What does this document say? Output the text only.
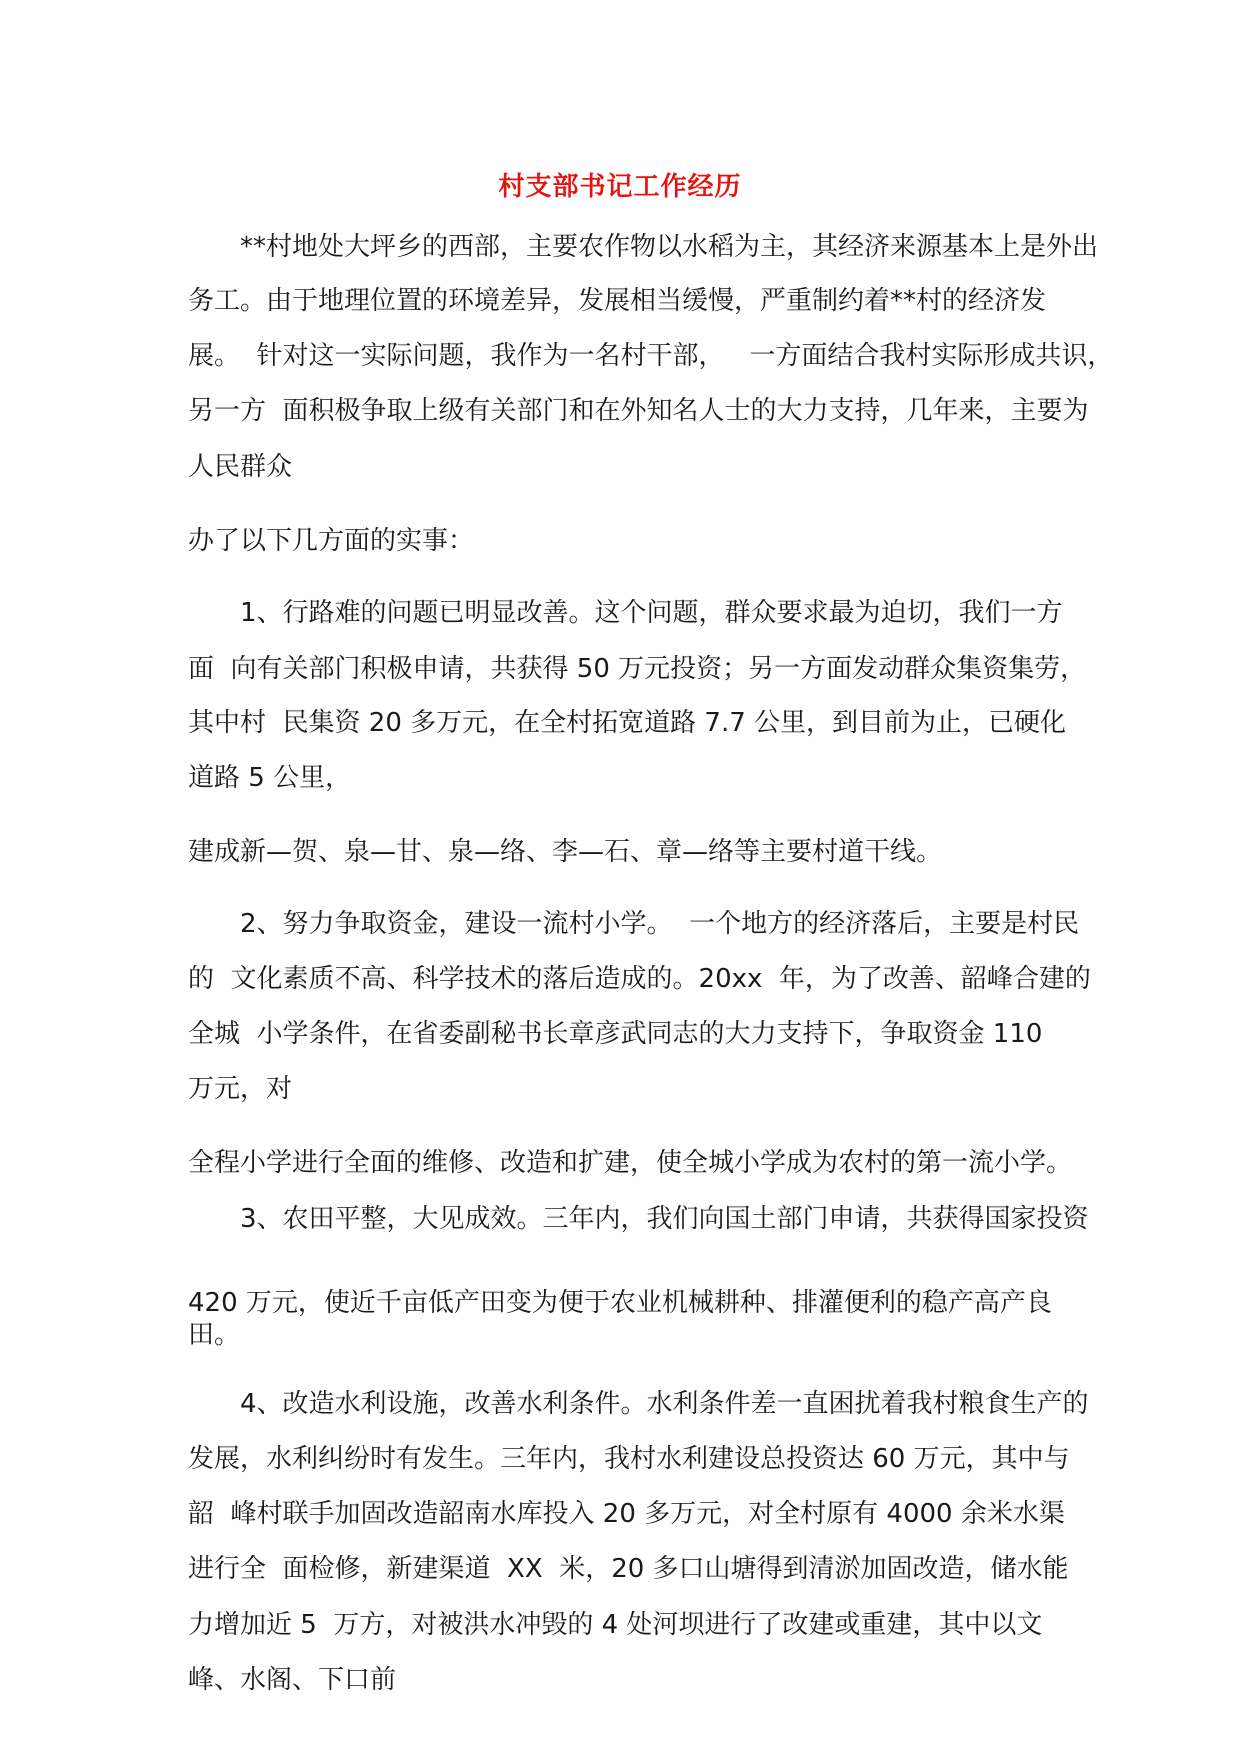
村支部书记工作经历
　　**村地处大坪乡的西部，主要农作物以水稻为主，其经济来源基本上是外出
务工。由于地理位置的环境差异，发展相当缓慢，严重制约着**村的经济发
展。  针对这一实际问题，我作为一名村干部，   一方面结合我村实际形成共识，
另一方  面积极争取上级有关部门和在外知名人士的大力支持，几年来，主要为
人民群众
办了以下几方面的实事：
　　1、行路难的问题已明显改善。这个问题，群众要求最为迫切，我们一方
面  向有关部门积极申请，共获得 50 万元投资；另一方面发动群众集资集劳，
其中村  民集资 20 多万元，在全村拓宽道路 7.7 公里，到目前为止，已硬化
道路 5 公里，
建成新—贺、泉—甘、泉—络、李—石、章—络等主要村道干线。
　　2、努力争取资金，建设一流村小学。  一个地方的经济落后，主要是村民
的  文化素质不高、科学技术的落后造成的。20xx  年，为了改善、韶峰合建的
全城  小学条件，在省委副秘书长章彦武同志的大力支持下，争取资金 110
万元，对
全程小学进行全面的维修、改造和扩建，使全城小学成为农村的第一流小学。
　　3、农田平整，大见成效。三年内，我们向国土部门申请，共获得国家投资
420 万元，使近千亩低产田变为便于农业机械耕种、排灌便利的稳产高产良
田。
　　4、改造水利设施，改善水利条件。水利条件差一直困扰着我村粮食生产的
发展，水利纠纷时有发生。三年内，我村水利建设总投资达 60 万元，其中与
韶  峰村联手加固改造韶南水库投入 20 多万元，对全村原有 4000 余米水渠
进行全  面检修，新建渠道  XX  米，20 多口山塘得到清淤加固改造，储水能
力增加近 5  万方，对被洪水冲毁的 4 处河坝进行了改建或重建，其中以文
峰、水阁、下口前
